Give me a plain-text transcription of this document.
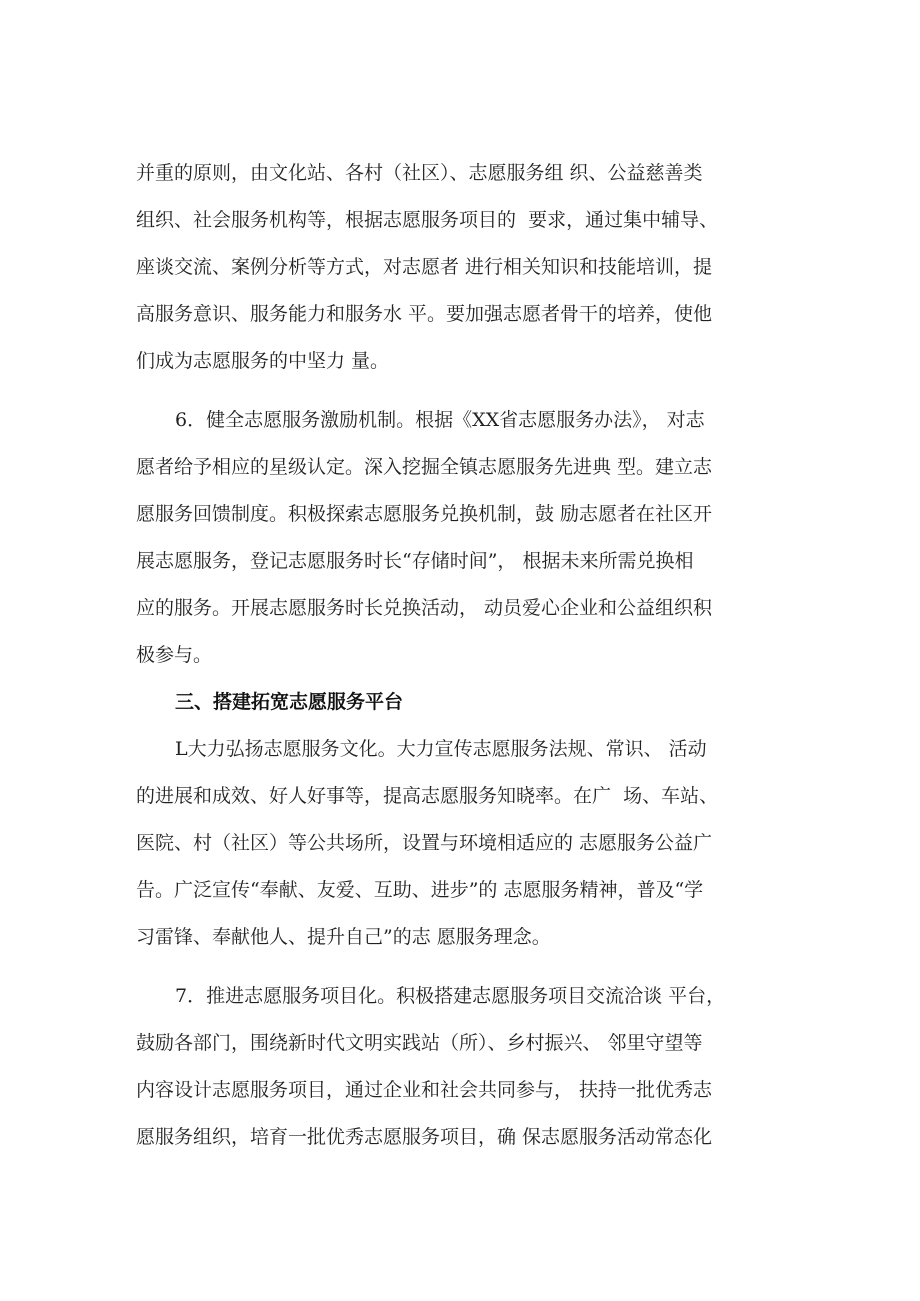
并重的原则，由文化站、各村（社区）、志愿服务组 织、公益慈善类
组织、社会服务机构等，根据志愿服务项目的  要求，通过集中辅导、
座谈交流、案例分析等方式，对志愿者 进行相关知识和技能培训，提
高服务意识、服务能力和服务水 平。要加强志愿者骨干的培养，使他
们成为志愿服务的中坚力 量。
6．健全志愿服务激励机制。根据《XX省志愿服务办法》， 对志
愿者给予相应的星级认定。深入挖掘全镇志愿服务先进典 型。建立志
愿服务回馈制度。积极探索志愿服务兑换机制，鼓 励志愿者在社区开
展志愿服务，登记志愿服务时长“存储时间”， 根据未来所需兑换相
应的服务。开展志愿服务时长兑换活动， 动员爱心企业和公益组织积
极参与。
三、搭建拓宽志愿服务平台
L大力弘扬志愿服务文化。大力宣传志愿服务法规、常识、 活动
的进展和成效、好人好事等，提高志愿服务知晓率。在广  场、车站、
医院、村（社区）等公共场所，设置与环境相适应的 志愿服务公益广
告。广泛宣传“奉献、友爱、互助、进步”的 志愿服务精神，普及“学
习雷锋、奉献他人、提升自己”的志 愿服务理念。
7．推进志愿服务项目化。积极搭建志愿服务项目交流洽谈 平台，
鼓励各部门，围绕新时代文明实践站（所）、乡村振兴、 邻里守望等
内容设计志愿服务项目，通过企业和社会共同参与， 扶持一批优秀志
愿服务组织，培育一批优秀志愿服务项目，确 保志愿服务活动常态化
